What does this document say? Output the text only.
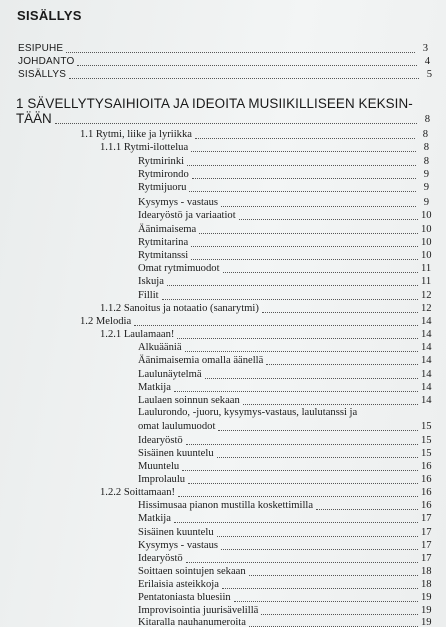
SISÄLLYS
ESIPUHE	3
JOHDANTO	4
SISÄLLYS	5
1 SÄVELLYTYSAIHIOITA JA IDEOITA MUSIIKILLISEEN KEKSIN-
TÄÄN	8
1.1 Rytmi, liike ja lyriikka	8
1.1.1 Rytmi-ilottelua	8
Rytmirinki	8
Rytmirondo	9
Rytmijuoru	9
Kysymys - vastaus	9
Idearyöstö ja variaatiot	10
Äänimaisema	10
Rytmitarina	10
Rytmitanssi	10
Omat rytmimuodot	11
Iskuja	11
Fillit	12
1.1.2 Sanoitus ja notaatio (sanarytmi)	12
1.2 Melodia	14
1.2.1 Laulamaan!	14
Alkuääniä	14
Äänimaisemia omalla äänellä	14
Laulunäytelmä	14
Matkija	14
Laulaen soinnun sekaan	14
Laulurondo, -juoru, kysymys-vastaus, laulutanssi ja
omat laulumuodot	15
Idearyöstö	15
Sisäinen kuuntelu	15
Muuntelu	16
Improlaulu	16
1.2.2 Soittamaan!	16
Hissimusaa pianon mustilla koskettimilla	16
Matkija	17
Sisäinen kuuntelu	17
Kysymys - vastaus	17
Idearyöstö	17
Soittaen sointujen sekaan	18
Erilaisia asteikkoja	18
Pentatoniasta bluesiin	19
Improvisointia juurisävelillä	19
Kitaralla nauhanumeroita	19
